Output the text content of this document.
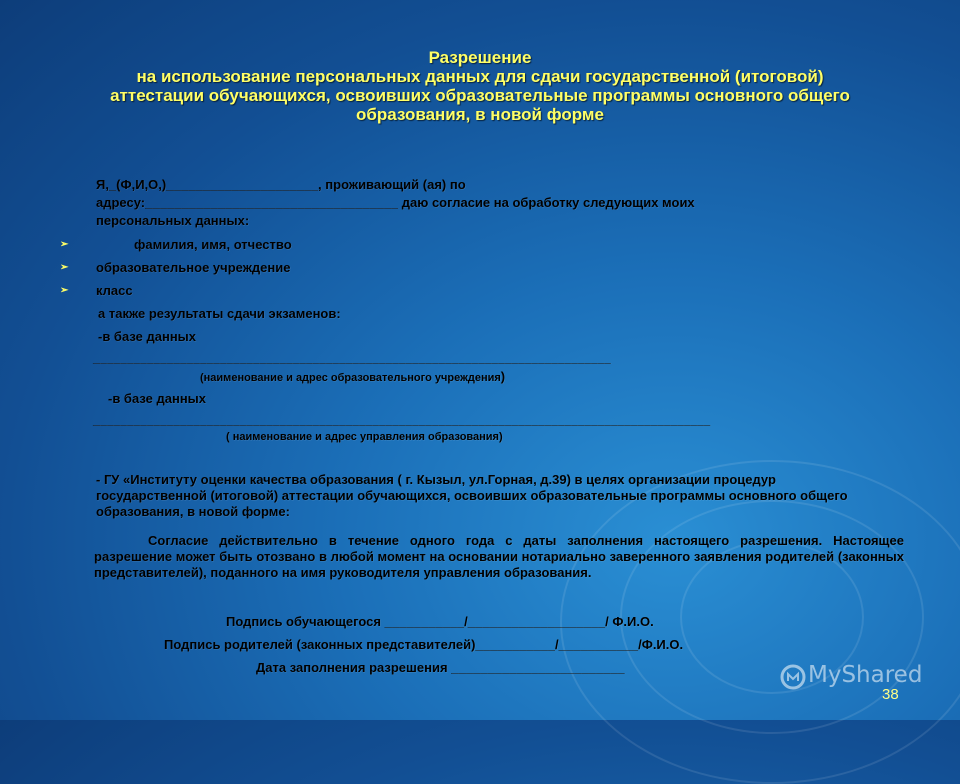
Разрешение
на использование персональных данных для сдачи государственной (итоговой)
аттестации обучающихся, освоивших образовательные программы основного общего
образования, в новой форме
Я,_(Ф,И,О,)_____________________, проживающий (ая) по
адресу:___________________________________ даю согласие на обработку следующих моих
персональных данных:
➢	фамилия, имя, отчество
➢ образовательное учреждение
➢ класс
а также результаты сдачи экзаменов:
-в базе данных
______________________________________________________________________________
(наименование и адрес образовательного учреждения)
-в базе данных
_____________________________________________________________________________________________
( наименование и адрес управления образования)
- ГУ «Институту оценки качества образования ( г. Кызыл, ул.Горная, д.39) в целях организации процедур государственной (итоговой) аттестации обучающихся, освоивших образовательные программы основного общего образования, в новой форме:
Согласие действительно в течение одного года с даты заполнения настоящего разрешения. Настоящее разрешение может быть отозвано в любой момент на основании нотариально заверенного заявления родителей (законных представителей), поданного на имя руководителя управления образования.
Подпись обучающегося ___________/___________________/ Ф.И.О.
Подпись родителей (законных представителей)___________/___________/Ф.И.О.
Дата заполнения разрешения ________________________	MyShared
38
